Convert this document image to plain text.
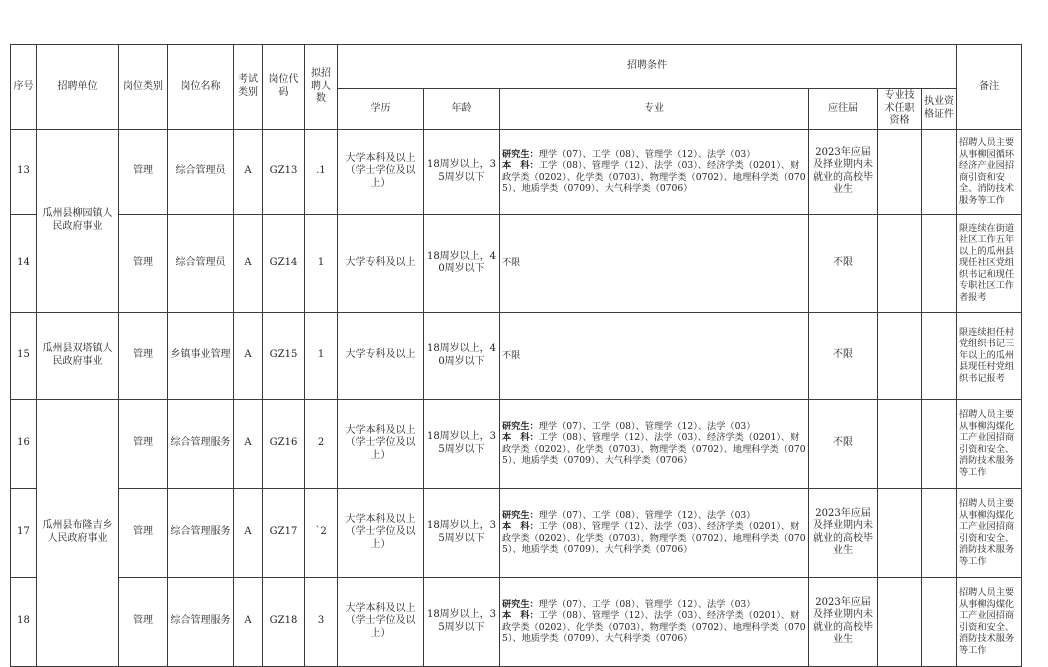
序号	招聘单位	岗位类别	岗位名称	考试类别	岗位代码	拟招聘人数	招聘条件						备注
							学历	年龄	专业	应往届	专业技术任职资格	执业资格证件	
13	瓜州县柳园镇人民政府事业	管理	综合管理员	A	GZ13	.1	大学本科及以上（学士学位及以上）	18周岁以上，35周岁以下	研究生：理学（07）、工学（08）、管理学（12）、法学（03）
本　科：工学（08）、管理学（12）、法学（03）、经济学类（0201）、财政学类（0202）、化学类（0703）、物理学类（0702）、地理科学类（0705）、地质学类（0709）、大气科学类（0706）	2023年应届及择业期内未就业的高校毕业生			招聘人员主要从事柳园循环经济产业园招商引资和安全、消防技术服务等工作
14		管理	综合管理员	A	GZ14	1	大学专科及以上	18周岁以上，40周岁以下	不限	不限			限连续在街道社区工作五年以上的瓜州县现任社区党组织书记和现任专职社区工作者报考
15	瓜州县双塔镇人民政府事业	管理	乡镇事业管理	A	GZ15	1	大学专科及以上	18周岁以上，40周岁以下	不限	不限			限连续担任村党组织书记三年以上的瓜州县现任村党组织书记报考
16	瓜州县布隆吉乡人民政府事业	管理	综合管理服务	A	GZ16	2	大学本科及以上（学士学位及以上）	18周岁以上，35周岁以下	研究生：理学（07）、工学（08）、管理学（12）、法学（03）
本　科：工学（08）、管理学（12）、法学（03）、经济学类（0201）、财政学类（0202）、化学类（0703）、物理学类（0702）、地理科学类（0705）、地质学类（0709）、大气科学类（0706）	不限			招聘人员主要从事柳沟煤化工产业园招商引资和安全、消防技术服务等工作
17		管理	综合管理服务	A	GZ17	`2	大学本科及以上（学士学位及以上）	18周岁以上，35周岁以下	研究生：理学（07）、工学（08）、管理学（12）、法学（03）
本　科：工学（08）、管理学（12）、法学（03）、经济学类（0201）、财政学类（0202）、化学类（0703）、物理学类（0702）、地理科学类（0705）、地质学类（0709）、大气科学类（0706）	2023年应届及择业期内未就业的高校毕业生			招聘人员主要从事柳沟煤化工产业园招商引资和安全、消防技术服务等工作
18		管理	综合管理服务	A	GZ18	3	大学本科及以上（学士学位及以上）	18周岁以上，35周岁以下	研究生：理学（07）、工学（08）、管理学（12）、法学（03）
本　科：工学（08）、管理学（12）、法学（03）、经济学类（0201）、财政学类（0202）、化学类（0703）、物理学类（0702）、地理科学类（0705）、地质学类（0709）、大气科学类（0706）	2023年应届及择业期内未就业的高校毕业生			招聘人员主要从事柳沟煤化工产业园招商引资和安全、消防技术服务等工作
